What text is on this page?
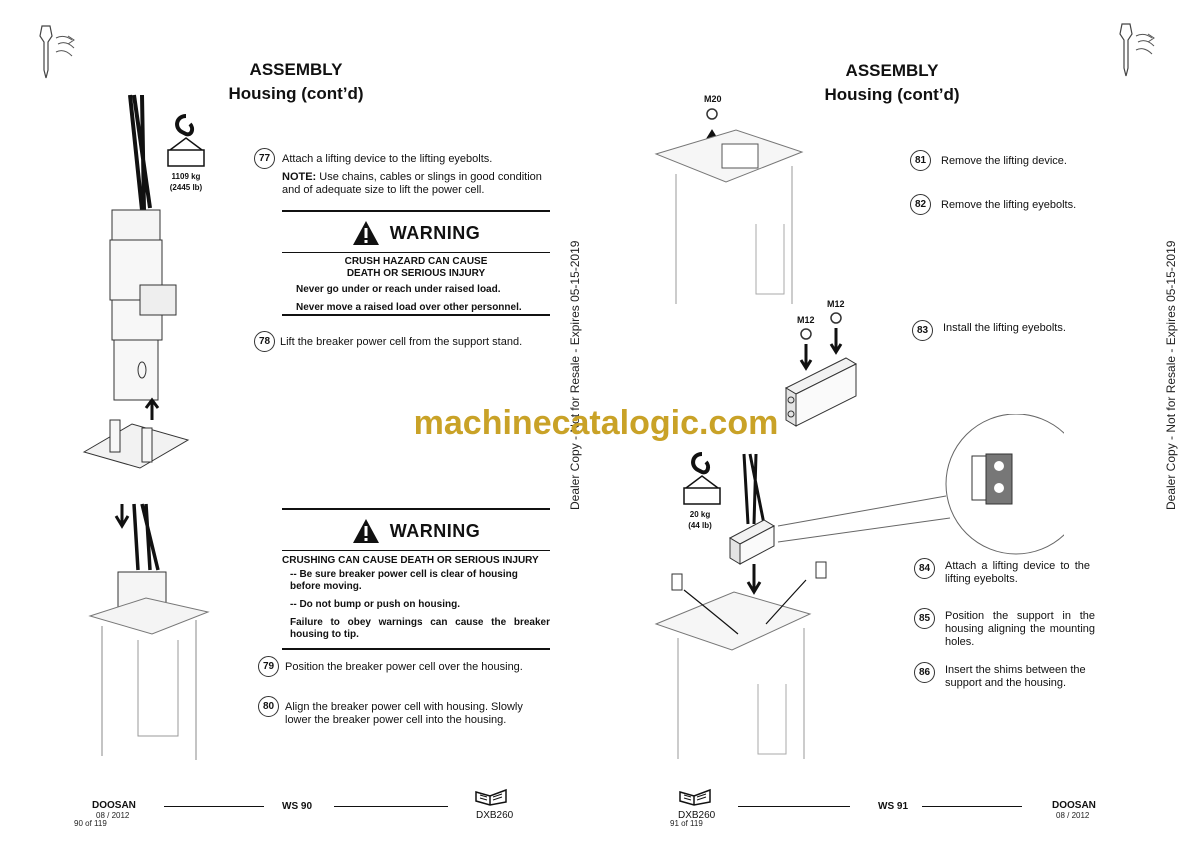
ASSEMBLY
Housing (cont’d)
1109 kg
(2445 lb)
77	Attach a lifting device to the lifting eyebolts.
NOTE: Use chains, cables or slings in good condition and of adequate size to lift the power cell.
WARNING
CRUSH HAZARD CAN CAUSE
DEATH OR SERIOUS INJURY
Never go under or reach under raised load.
Never move a raised load over other personnel.
78 Lift the breaker power cell from the support stand.
WARNING
CRUSHING CAN CAUSE DEATH OR SERIOUS INJURY
-- Be sure breaker power cell is clear of housing before moving.
-- Do not bump or push on housing.
Failure to obey warnings can cause the breaker housing to tip.
79 Position the breaker power cell over the housing.
80 Align the breaker power cell with housing. Slowly lower the breaker power cell into the housing.
DOOSAN
08 / 2012
90 of 119
WS 90
DXB260
Dealer Copy - Not for Resale - Expires 05-15-2019
ASSEMBLY
Housing (cont’d)
M20
81	Remove the lifting device.
82	Remove the lifting eyebolts.
M12
M12
83	Install the lifting eyebolts.
20 kg
(44 lb)
84	Attach a lifting device to the lifting eyebolts.
85	Position the support in the housing aligning the mounting holes.
86	Insert the shims between the support and the housing.
DXB260
91 of 119
WS 91	DOOSAN
08 / 2012
Dealer Copy - Not for Resale - Expires 05-15-2019
machinecatalogic.com
